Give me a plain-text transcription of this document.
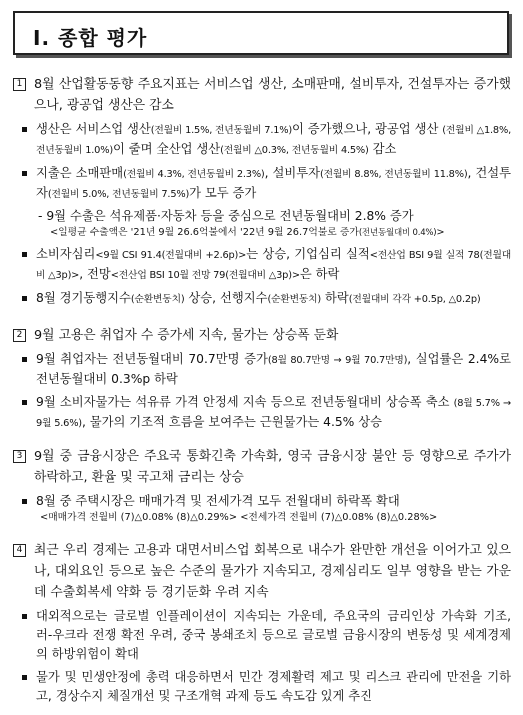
Ⅰ. 종합 평가
1 8월 산업활동동향 주요지표는 서비스업 생산, 소매판매, 설비투자, 건설투자는 증가했으나, 광공업 생산은 감소
생산은 서비스업 생산(전월비 1.5%, 전년동월비 7.1%)이 증가했으나, 광공업 생산 (전월비 △1.8%, 전년동월비 1.0%)이 줄며 全산업 생산(전월비 △0.3%, 전년동월비 4.5%) 감소
지출은 소매판매(전월비 4.3%, 전년동월비 2.3%), 설비투자(전월비 8.8%, 전년동월비 11.8%), 건설투자(전월비 5.0%, 전년동월비 7.5%)가 모두 증가
- 9월 수출은 석유제품·자동차 등을 중심으로 전년동월대비 2.8% 증가
<일평균 수출액은 '21년 9월 26.6억불에서 '22년 9월 26.7억불로 증가(전년동월대비 0.4%)>
소비자심리<9월 CSI 91.4(전월대비 +2.6p)>는 상승, 기업심리 실적<전산업 BSI 9월 실적 78(전월대비 △3p)>, 전망<전산업 BSI 10월 전망 79(전월대비 △3p)>은 하락
8월 경기동행지수(순환변동치) 상승, 선행지수(순환변동치) 하락(전월대비 각각 +0.5p, △0.2p)
2 9월 고용은 취업자 수 증가세 지속, 물가는 상승폭 둔화
9월 취업자는 전년동월대비 70.7만명 증가(8월 80.7만명 → 9월 70.7만명), 실업률은 2.4%로 전년동월대비 0.3%p 하락
9월 소비자물가는 석유류 가격 안정세 지속 등으로 전년동월대비 상승폭 축소 (8월 5.7% → 9월 5.6%), 물가의 기조적 흐름을 보여주는 근원물가는 4.5% 상승
3 9월 중 금융시장은 주요국 통화긴축 가속화, 영국 금융시장 불안 등 영향으로 주가가 하락하고, 환율 및 국고채 금리는 상승
8월 중 주택시장은 매매가격 및 전세가격 모두 전월대비 하락폭 확대
<매매가격 전월비 (7)△0.08% (8)△0.29%> <전세가격 전월비 (7)△0.08% (8)△0.28%>
4 최근 우리 경제는 고용과 대면서비스업 회복으로 내수가 완만한 개선을 이어가고 있으나, 대외요인 등으로 높은 수준의 물가가 지속되고, 경제심리도 일부 영향을 받는 가운데 수출회복세 약화 등 경기둔화 우려 지속
대외적으로는 글로벌 인플레이션이 지속되는 가운데, 주요국의 금리인상 가속화 기조, 러-우크라 전쟁 확전 우려, 중국 봉쇄조치 등으로 글로벌 금융시장의 변동성 및 세계경제의 하방위험이 확대
물가 및 민생안정에 총력 대응하면서 민간 경제활력 제고 및 리스크 관리에 만전을 기하고, 경상수지 체질개선 및 구조개혁 과제 등도 속도감 있게 추진
